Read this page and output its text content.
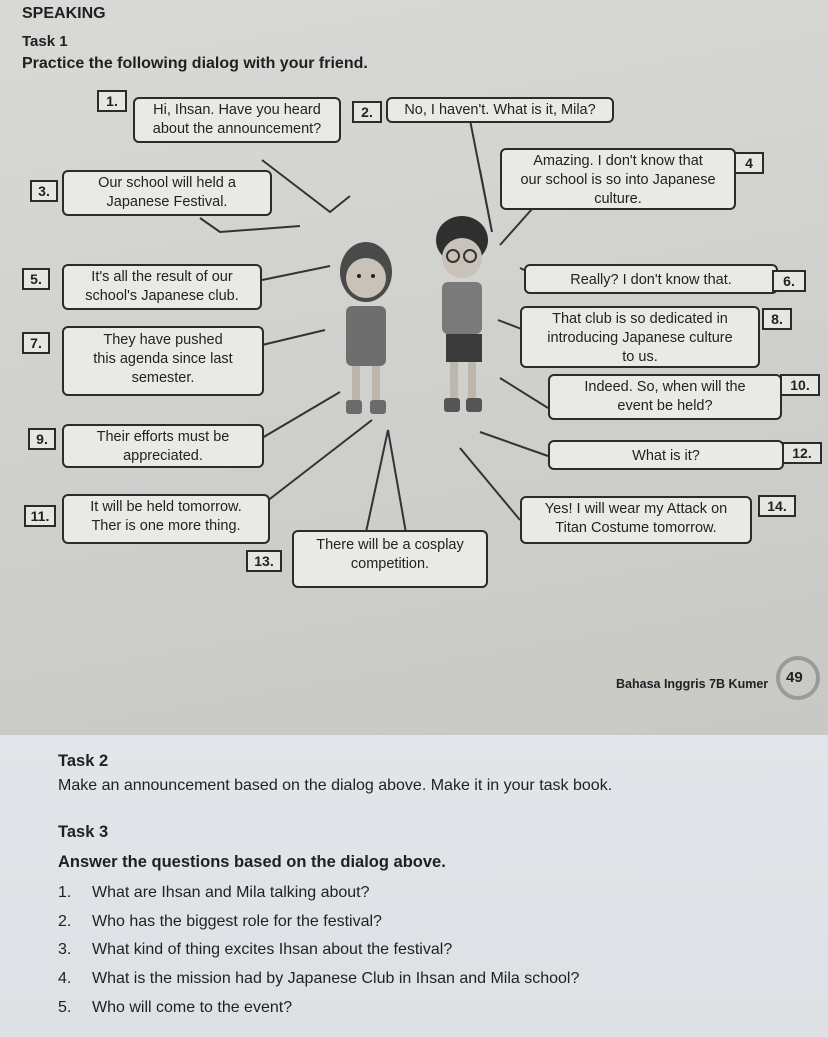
SPEAKING
Task 1
Practice the following dialog with your friend.
Hi, Ihsan. Have you heard
about the announcement?
1.
No, I haven't. What is it, Mila?
2.
Our school will held a
Japanese Festival.
3.
Amazing. I don't know that
our school is so into Japanese
culture.
4
It's all the result of our
school's Japanese club.
5.	Really? I don't know that.	6.
They have pushed
this agenda since last
semester.
7.
That club is so dedicated in
introducing Japanese culture
to us.
8.
Their efforts must be
appreciated.
9.
Indeed. So, when will the
event be held?
10.
It will be held tomorrow.
Ther is one more thing.
11.
What is it?	12.
There will be a cosplay
competition.
13.
Yes! I will wear my Attack on
Titan Costume tomorrow.
14.
Bahasa Inggris 7B Kumer 49
Task 2
Make an announcement based on the dialog above. Make it in your task book.
Task 3
Answer the questions based on the dialog above.
1. What are Ihsan and Mila talking about?
2. Who has the biggest role for the festival?
3. What kind of thing excites Ihsan about the festival?
4. What is the mission had by Japanese Club in Ihsan and Mila school?
5. Who will come to the event?
